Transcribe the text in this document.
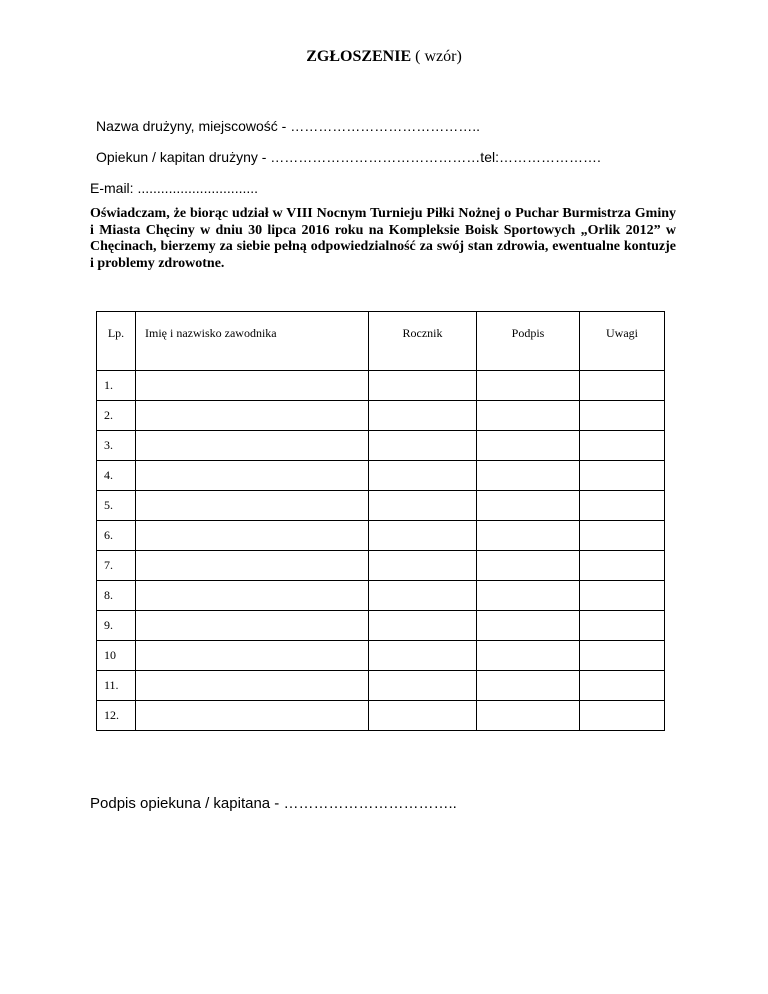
ZGŁOSZENIE ( wzór)
Nazwa drużyny, miejscowość - …………………………………..
Opiekun / kapitan drużyny - ………………………………………tel:………………….
E-mail: ...............................
Oświadczam, że biorąc udział w VIII Nocnym Turnieju Piłki Nożnej o Puchar Burmistrza Gminy i Miasta Chęciny w dniu 30 lipca 2016 roku na Kompleksie Boisk Sportowych „Orlik 2012” w Chęcinach, bierzemy za siebie pełną odpowiedzialność za swój stan zdrowia, ewentualne kontuzje i problemy zdrowotne.
Lp.	Imię i nazwisko zawodnika	Rocznik	Podpis	Uwagi
1.				
2.				
3.				
4.				
5.				
6.				
7.				
8.				
9.				
10				
11.				
12.				
Podpis opiekuna / kapitana - ……………………………..
